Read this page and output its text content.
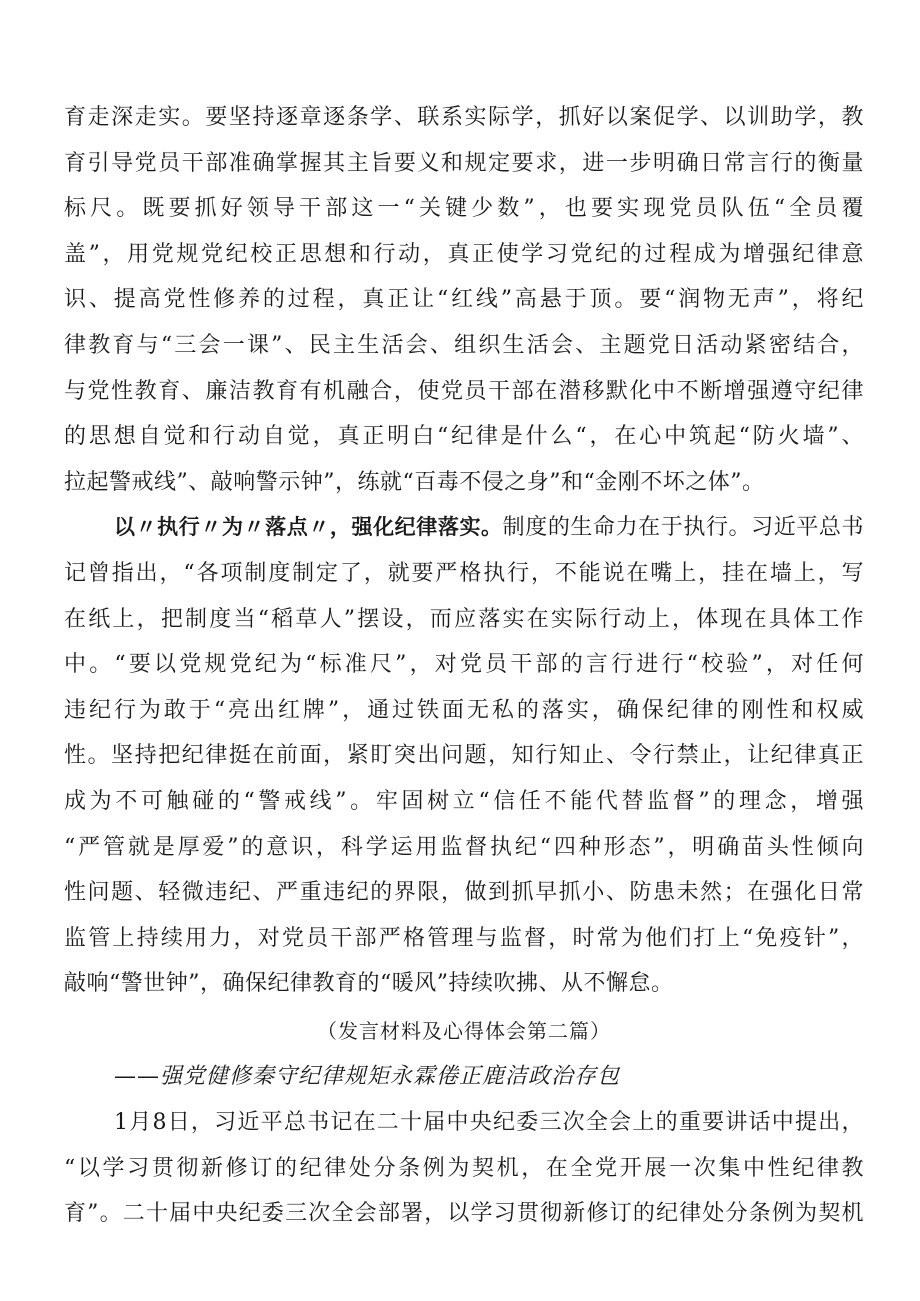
育走深走实。要坚持逐章逐条学、联系实际学，抓好以案促学、以训助学，教
育引导党员干部准确掌握其主旨要义和规定要求，进一步明确日常言行的衡量
标尺。既要抓好领导干部这一“关键少数”，也要实现党员队伍“全员覆
盖”，用党规党纪校正思想和行动，真正使学习党纪的过程成为增强纪律意
识、提高党性修养的过程，真正让“红线”高悬于顶。要“润物无声”，将纪
律教育与“三会一课”、民主生活会、组织生活会、主题党日活动紧密结合，
与党性教育、廉洁教育有机融合，使党员干部在潜移默化中不断增强遵守纪律
的思想自觉和行动自觉，真正明白“纪律是什么“，在心中筑起“防火墙”、
拉起警戒线”、敲响警示钟”，练就“百毒不侵之身”和“金刚不坏之体”。
以〃执行〃为〃落点〃，强化纪律落实。制度的生命力在于执行。习近平总书
记曾指出，“各项制度制定了，就要严格执行，不能说在嘴上，挂在墙上，写
在纸上，把制度当“稻草人”摆设，而应落实在实际行动上，体现在具体工作
中。“要以党规党纪为“标准尺”，对党员干部的言行进行“校验”，对任何
违纪行为敢于“亮出红牌”，通过铁面无私的落实，确保纪律的刚性和权威
性。坚持把纪律挺在前面，紧盯突出问题，知行知止、令行禁止，让纪律真正
成为不可触碰的“警戒线”。牢固树立“信任不能代替监督”的理念，增强
“严管就是厚爱”的意识，科学运用监督执纪“四种形态”，明确苗头性倾向
性问题、轻微违纪、严重违纪的界限，做到抓早抓小、防患未然；在强化日常
监管上持续用力，对党员干部严格管理与监督，时常为他们打上“免疫针”，
敲响“警世钟”，确保纪律教育的“暖风”持续吹拂、从不懈怠。
（发言材料及心得体会第二篇）
——强党健修秦守纪律规矩永霖倦正鹿洁政治存包
1月8日，习近平总书记在二十届中央纪委三次全会上的重要讲话中提出，
“以学习贯彻新修订的纪律处分条例为契机，在全党开展一次集中性纪律教
育”。二十届中央纪委三次全会部署，以学习贯彻新修订的纪律处分条例为契机
